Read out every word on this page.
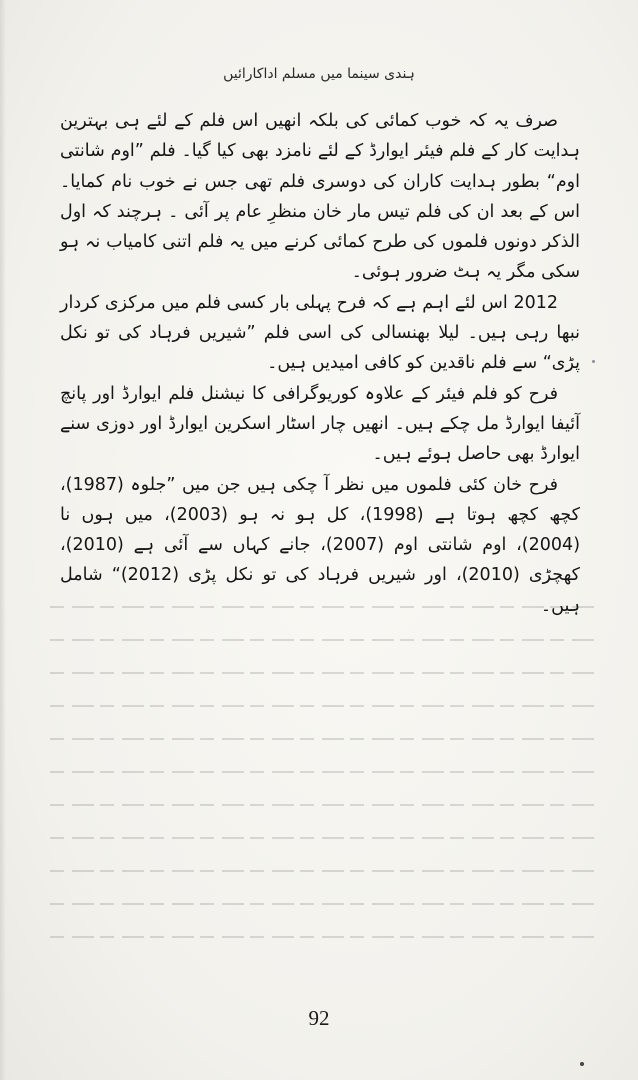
ہندی سینما میں مسلم اداکارائیں

صرف یہ کہ خوب کمائی کی بلکہ انھیں اس فلم کے لئے ہی بہترین ہدایت کار کے فلم فیئر ایوارڈ کے لئے نامزد بھی کیا گیا۔ فلم ”اوم شانتی اوم“ بطور ہدایت کاران کی دوسری فلم تھی جس نے خوب نام کمایا۔ اس کے بعد ان کی فلم تیس مار خان منظرِ عام پر آئی ۔ ہرچند کہ اول الذکر دونوں فلموں کی طرح کمائی کرنے میں یہ فلم اتنی کامیاب نہ ہو سکی مگر یہ ہٹ ضرور ہوئی۔

2012 اس لئے اہم ہے کہ فرح پہلی بار کسی فلم میں مرکزی کردار نبھا رہی ہیں۔ لیلا بھنسالی کی اسی فلم ”شیریں فرہاد کی تو نکل پڑی“ سے فلم ناقدین کو کافی امیدیں ہیں۔

فرح کو فلم فیئر کے علاوہ کوریوگرافی کا نیشنل فلم ایوارڈ اور پانچ آئیفا ایوارڈ مل چکے ہیں۔ انھیں چار اسٹار اسکرین ایوارڈ اور دوزی سنے ایوارڈ بھی حاصل ہوئے ہیں۔

فرح خان کئی فلموں میں نظر آ چکی ہیں جن میں ”جلوہ (1987)، کچھ کچھ ہوتا ہے (1998)، کل ہو نہ ہو (2003)، میں ہوں نا (2004)، اوم شانتی اوم (2007)، جانے کہاں سے آئی ہے (2010)، کھچڑی (2010)، اور شیریں فرہاد کی تو نکل پڑی (2012)“ شامل ہیں۔

92
